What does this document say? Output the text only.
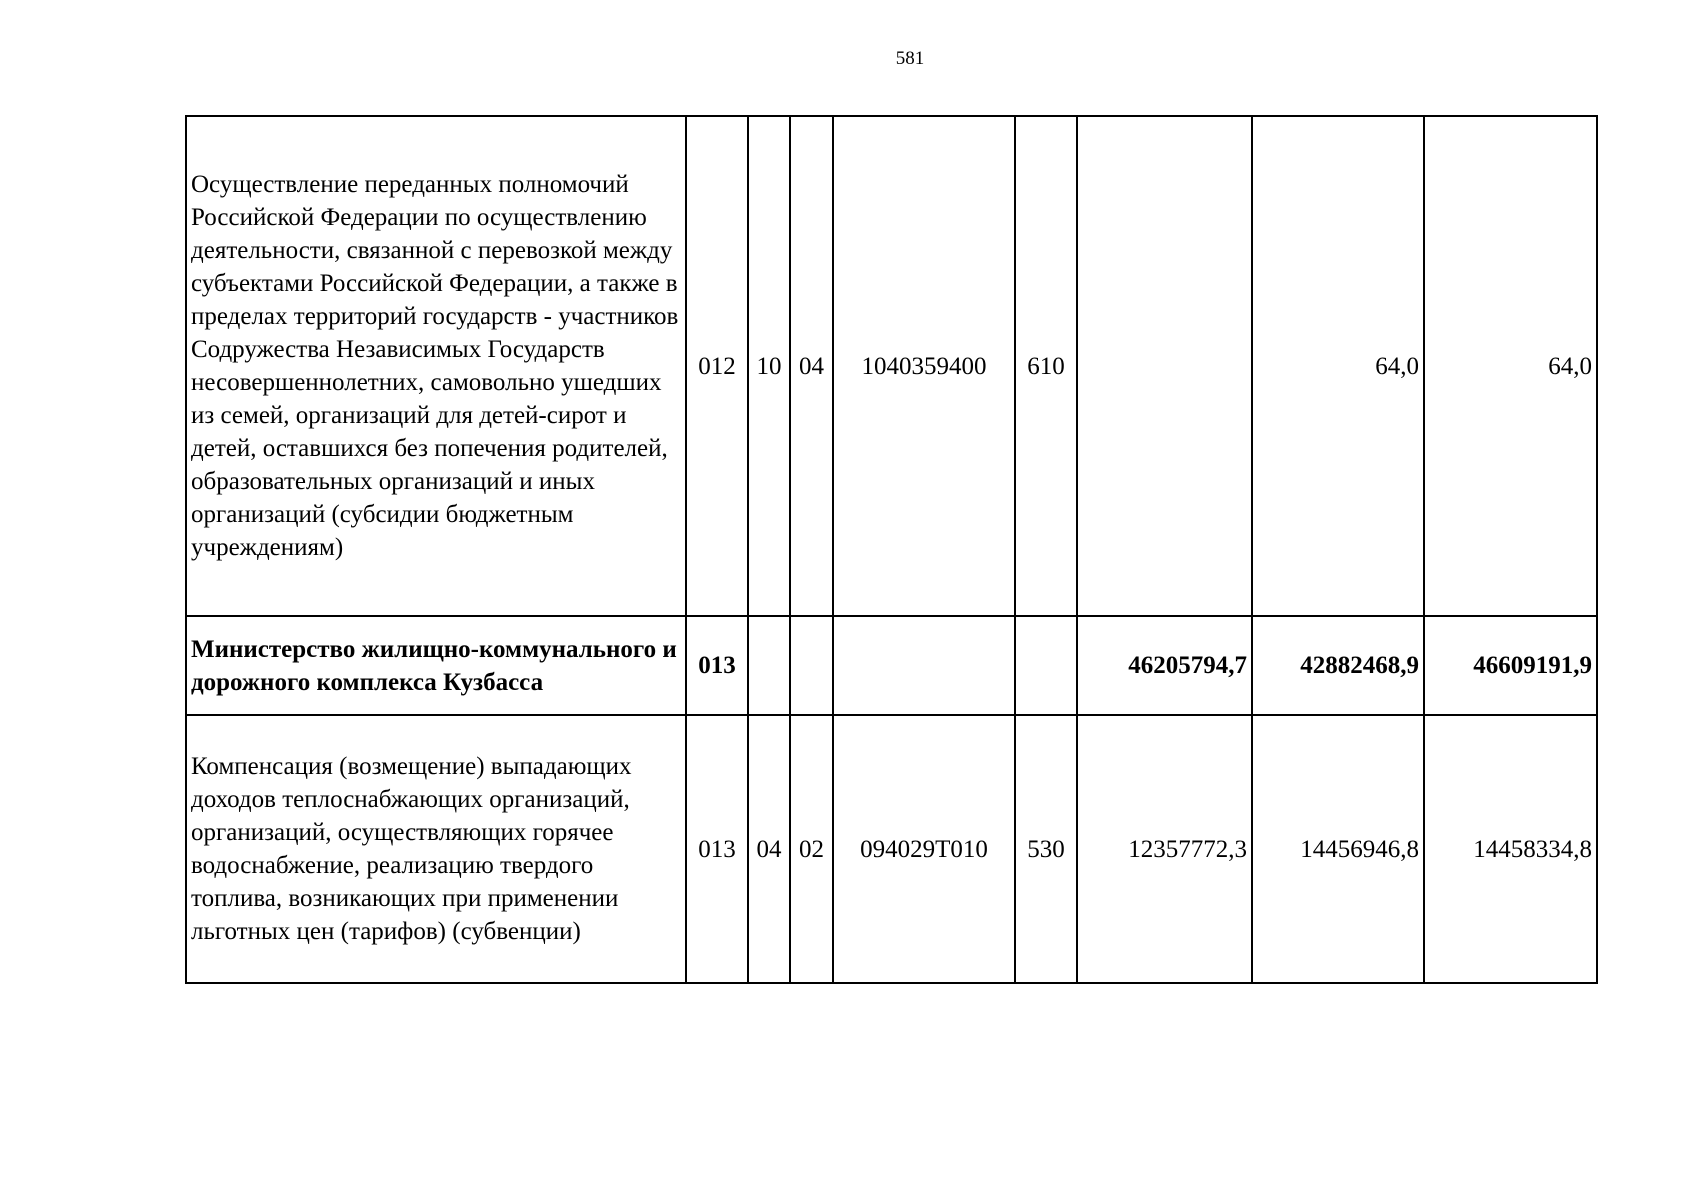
581
Осуществление переданных полномочий Российской Федерации по осуществлению деятельности, связанной с перевозкой между субъектами Российской Федерации, а также в пределах территорий государств - участников Содружества Независимых Государств несовершеннолетних, самовольно ушедших из семей, организаций для детей-сирот и детей, оставшихся без попечения родителей, образовательных организаций и иных организаций (субсидии бюджетным учреждениям)	012	10	04	1040359400	610		64,0	64,0
Министерство жилищно-коммунального и дорожного комплекса Кузбасса	013					46205794,7	42882468,9	46609191,9
Компенсация (возмещение) выпадающих доходов теплоснабжающих организаций, организаций, осуществляющих горячее водоснабжение, реализацию твердого топлива, возникающих при применении льготных цен (тарифов) (субвенции)	013	04	02	094029Т010	530	12357772,3	14456946,8	14458334,8
